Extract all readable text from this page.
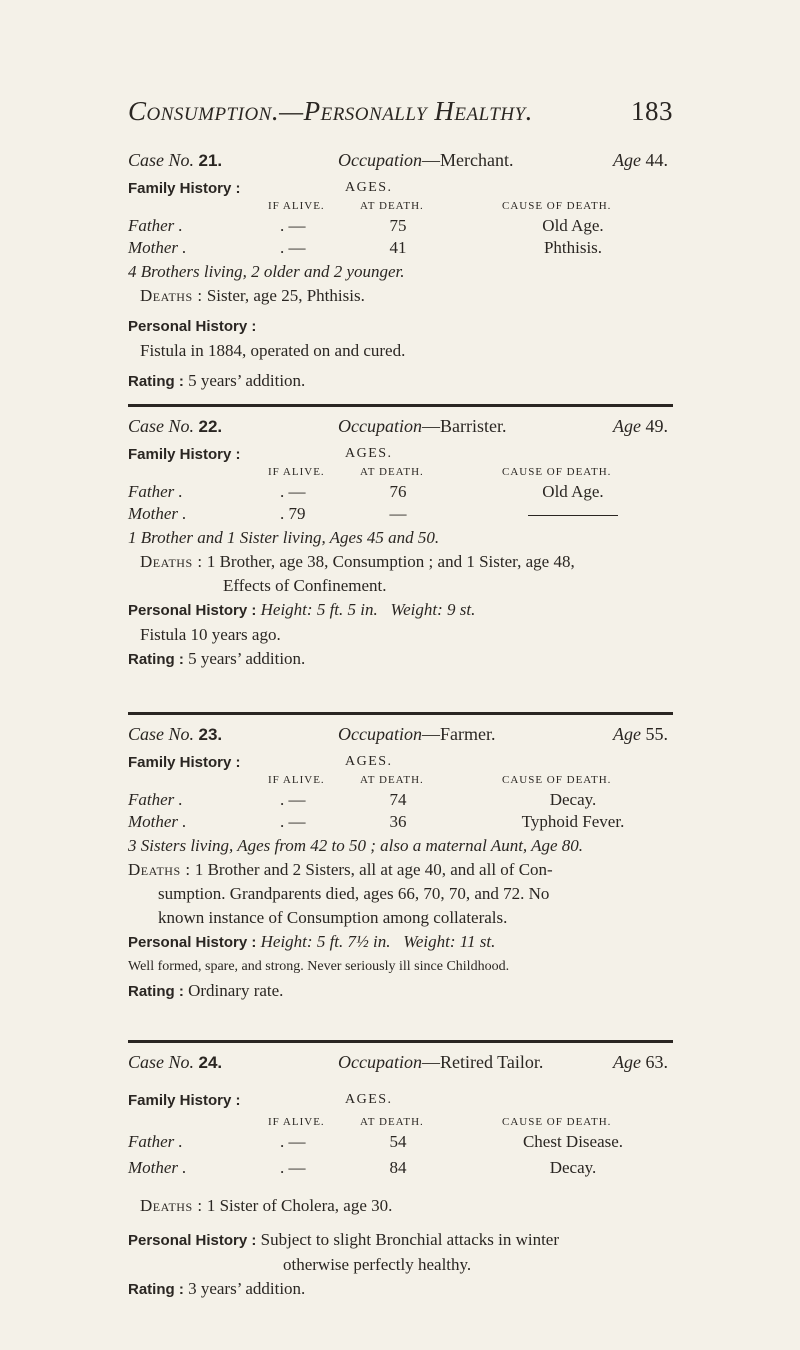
Consumption.—Personally Healthy.	183
Case No. 21.	Occupation—Merchant.	Age 44.
Family History :	AGES.
IF ALIVE.	AT DEATH.	CAUSE OF DEATH.
Father .	. —	75	Old Age.
Mother .	. —	41	Phthisis.
4 Brothers living, 2 older and 2 younger.
Deaths : Sister, age 25, Phthisis.
Personal History :
Fistula in 1884, operated on and cured.
Rating : 5 years’ addition.
Case No. 22.	Occupation—Barrister.	Age 49.
Family History :	AGES.
IF ALIVE.	AT DEATH.	CAUSE OF DEATH.
Father .	. —	76	Old Age.
Mother .	. 79	—
1 Brother and 1 Sister living, Ages 45 and 50.
Deaths : 1 Brother, age 38, Consumption ; and 1 Sister, age 48,
Effects of Confinement.
Personal History : Height: 5 ft. 5 in. Weight: 9 st.
Fistula 10 years ago.
Rating : 5 years’ addition.
Case No. 23.	Occupation—Farmer.	Age 55.
Family History :	AGES.
IF ALIVE.	AT DEATH.	CAUSE OF DEATH.
Father .	. —	74	Decay.
Mother .	. —	36	Typhoid Fever.
3 Sisters living, Ages from 42 to 50 ; also a maternal Aunt, Age 80.
Deaths : 1 Brother and 2 Sisters, all at age 40, and all of Con-
sumption. Grandparents died, ages 66, 70, 70, and 72. No
known instance of Consumption among collaterals.
Personal History : Height: 5 ft. 7½ in. Weight: 11 st.
Well formed, spare, and strong. Never seriously ill since Childhood.
Rating : Ordinary rate.
Case No. 24.	Occupation—Retired Tailor.	Age 63.
Family History :	AGES.
IF ALIVE.	AT DEATH.	CAUSE OF DEATH.
Father .	. —	54	Chest Disease.
Mother .	. —	84	Decay.
Deaths : 1 Sister of Cholera, age 30.
Personal History : Subject to slight Bronchial attacks in winter
otherwise perfectly healthy.
Rating : 3 years’ addition.
